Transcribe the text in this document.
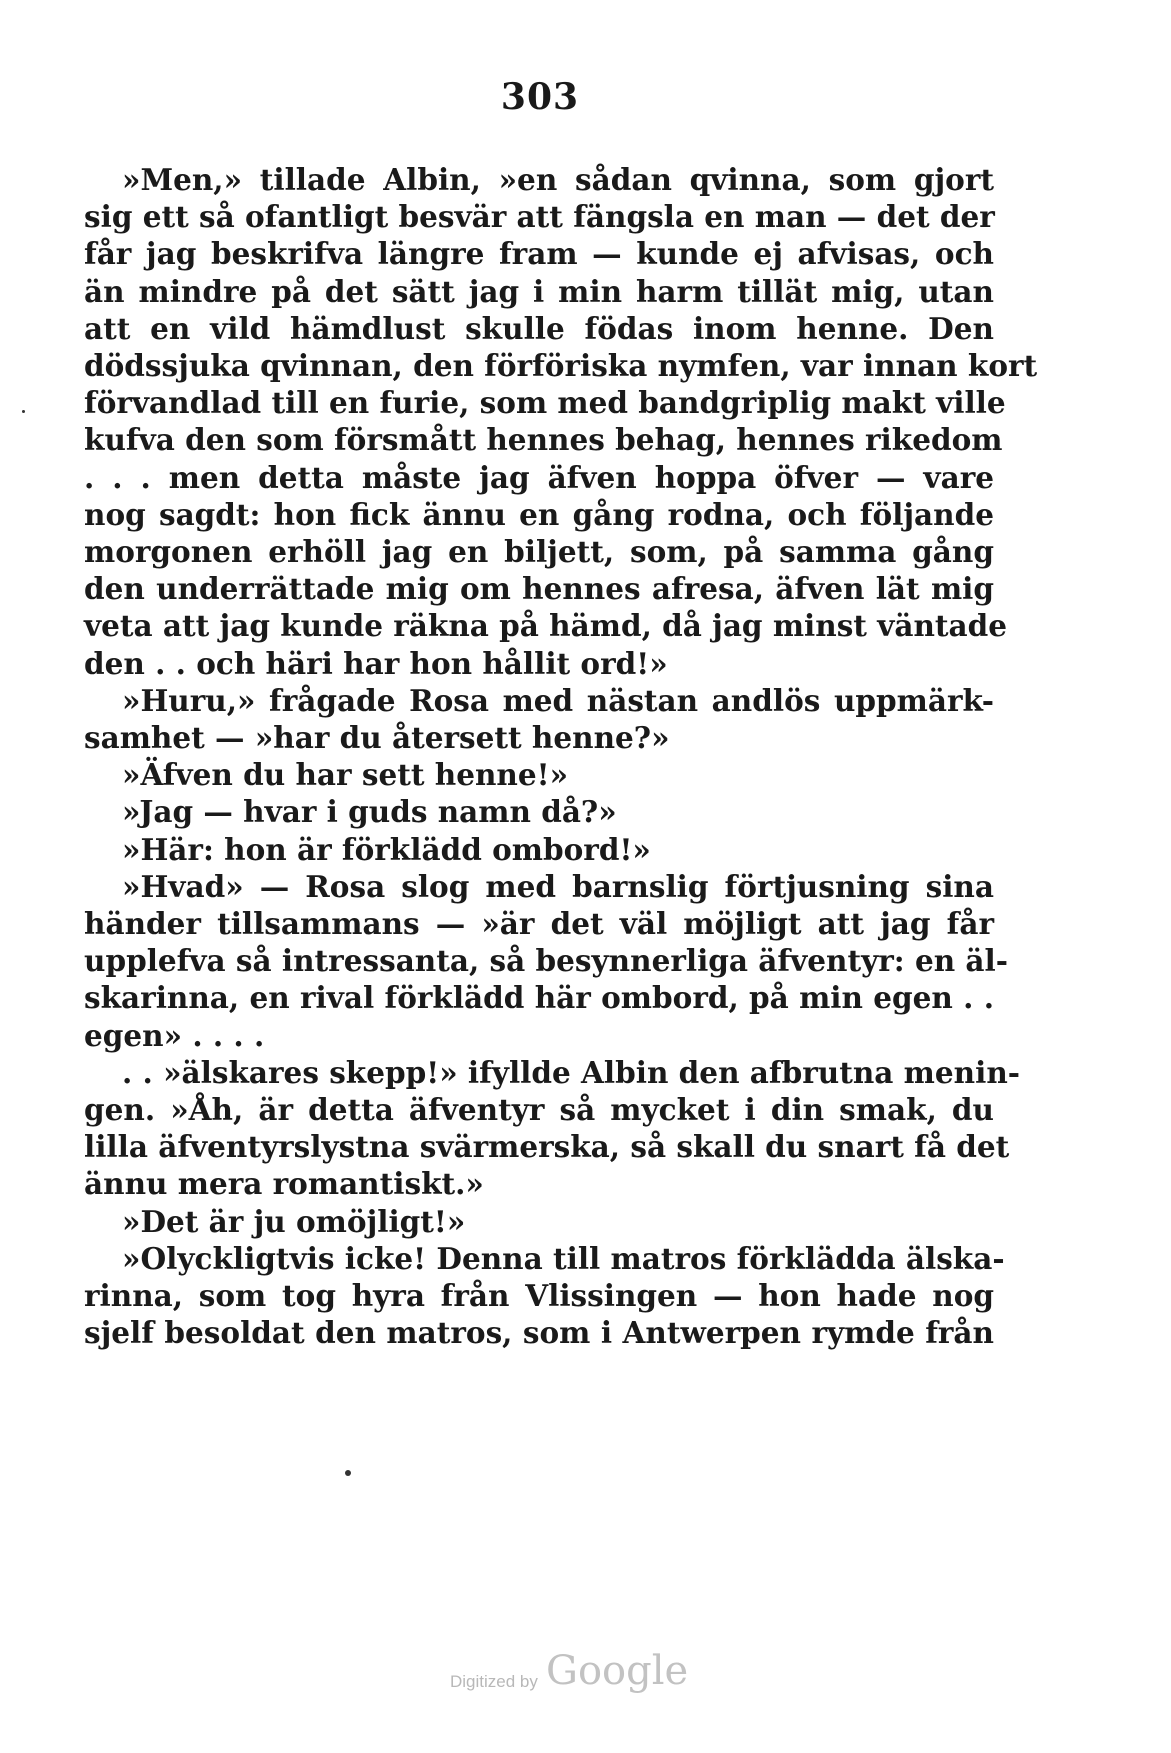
303
»Men,» tillade Albin, »en sådan qvinna, som gjort
sig ett så ofantligt besvär att fängsla en man — det der
får jag beskrifva längre fram — kunde ej afvisas, och
än mindre på det sätt jag i min harm tillät mig, utan
att en vild hämdlust skulle födas inom henne. Den
dödssjuka qvinnan, den förföriska nymfen, var innan kort
förvandlad till en furie, som med bandgriplig makt ville
kufva den som försmått hennes behag, hennes rikedom
. . . men detta måste jag äfven hoppa öfver — vare
nog sagdt: hon fick ännu en gång rodna, och följande
morgonen erhöll jag en biljett, som, på samma gång
den underrättade mig om hennes afresa, äfven lät mig
veta att jag kunde räkna på hämd, då jag minst väntade
den . . och häri har hon hållit ord!»
»Huru,» frågade Rosa med nästan andlös uppmärk-
samhet — »har du återsett henne?»
»Äfven du har sett henne!»
»Jag — hvar i guds namn då?»
»Här: hon är förklädd ombord!»
»Hvad» — Rosa slog med barnslig förtjusning sina
händer tillsammans — »är det väl möjligt att jag får
upplefva så intressanta, så besynnerliga äfventyr: en äl-
skarinna, en rival förklädd här ombord, på min egen . .
egen» . . . .
. . »älskares skepp!» ifyllde Albin den afbrutna menin-
gen. »Åh, är detta äfventyr så mycket i din smak, du
lilla äfventyrslystna svärmerska, så skall du snart få det
ännu mera romantiskt.»
»Det är ju omöjligt!»
»Olyckligtvis icke! Denna till matros förklädda älska-
rinna, som tog hyra från Vlissingen — hon hade nog
sjelf besoldat den matros, som i Antwerpen rymde från
Digitized by Google
